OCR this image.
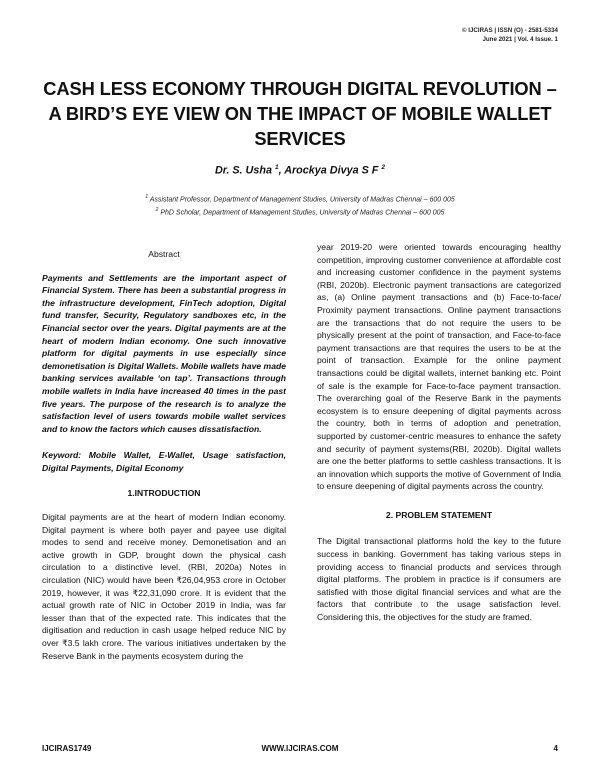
© IJCIRAS | ISSN (O) - 2581-5334
June 2021 | Vol. 4 Issue. 1
CASH LESS ECONOMY THROUGH DIGITAL REVOLUTION – A BIRD’S EYE VIEW ON THE IMPACT OF MOBILE WALLET SERVICES
Dr. S. Usha $^1$, Arockya Divya S F $^2$
$^1$ Assistant Professor, Department of Management Studies, University of Madras Chennai – 600 005
$^2$ PhD Scholar, Department of Management Studies, University of Madras Chennai – 600 005
Abstract

Payments and Settlements are the important aspect of Financial System. There has been a substantial progress in the infrastructure development, FinTech adoption, Digital fund transfer, Security, Regulatory sandboxes etc, in the Financial sector over the years. Digital payments are at the heart of modern Indian economy. One such innovative platform for digital payments in use especially since demonetisation is Digital Wallets. Mobile wallets have made banking services available ‘on tap’. Transactions through mobile wallets in India have increased 40 times in the past five years. The purpose of the research is to analyze the satisfaction level of users towards mobile wallet services and to know the factors which causes dissatisfaction.

Keyword: Mobile Wallet, E-Wallet, Usage satisfaction, Digital Payments, Digital Economy

1.INTRODUCTION

Digital payments are at the heart of modern Indian economy. Digital payment is where both payer and payee use digital modes to send and receive money. Demonetisation and an active growth in GDP, brought down the physical cash circulation to a distinctive level. (RBI, 2020a) Notes in circulation (NIC) would have been ₹26,04,953 crore in October 2019, however, it was ₹22,31,090 crore. It is evident that the actual growth rate of NIC in October 2019 in India, was far lesser than that of the expected rate. This indicates that the digitisation and reduction in cash usage helped reduce NIC by over ₹3.5 lakh crore. The various initiatives undertaken by the Reserve Bank in the payments ecosystem during the

year 2019-20 were oriented towards encouraging healthy competition, improving customer convenience at affordable cost and increasing customer confidence in the payment systems (RBI, 2020b). Electronic payment transactions are categorized as, (a) Online payment transactions and (b) Face-to-face/ Proximity payment transactions. Online payment transactions are the transactions that do not require the users to be physically present at the point of transaction, and Face-to-face payment transactions are that requires the users to be at the point of transaction. Example for the online payment transactions could be digital wallets, internet banking etc. Point of sale is the example for Face-to-face payment transaction. The overarching goal of the Reserve Bank in the payments ecosystem is to ensure deepening of digital payments across the country, both in terms of adoption and penetration, supported by customer-centric measures to enhance the safety and security of payment systems(RBI, 2020b). Digital wallets are one the better platforms to settle cashless transactions. It is an innovation which supports the motive of Government of India to ensure deepening of digital payments across the country.

2. PROBLEM STATEMENT

The Digital transactional platforms hold the key to the future success in banking. Government has taking various steps in providing access to financial products and services through digital platforms. The problem in practice is if consumers are satisfied with those digital financial services and what are the factors that contribute to the usage satisfaction level. Considering this, the objectives for the study are framed.

IJCIRAS1749	WWW.IJCIRAS.COM	4
